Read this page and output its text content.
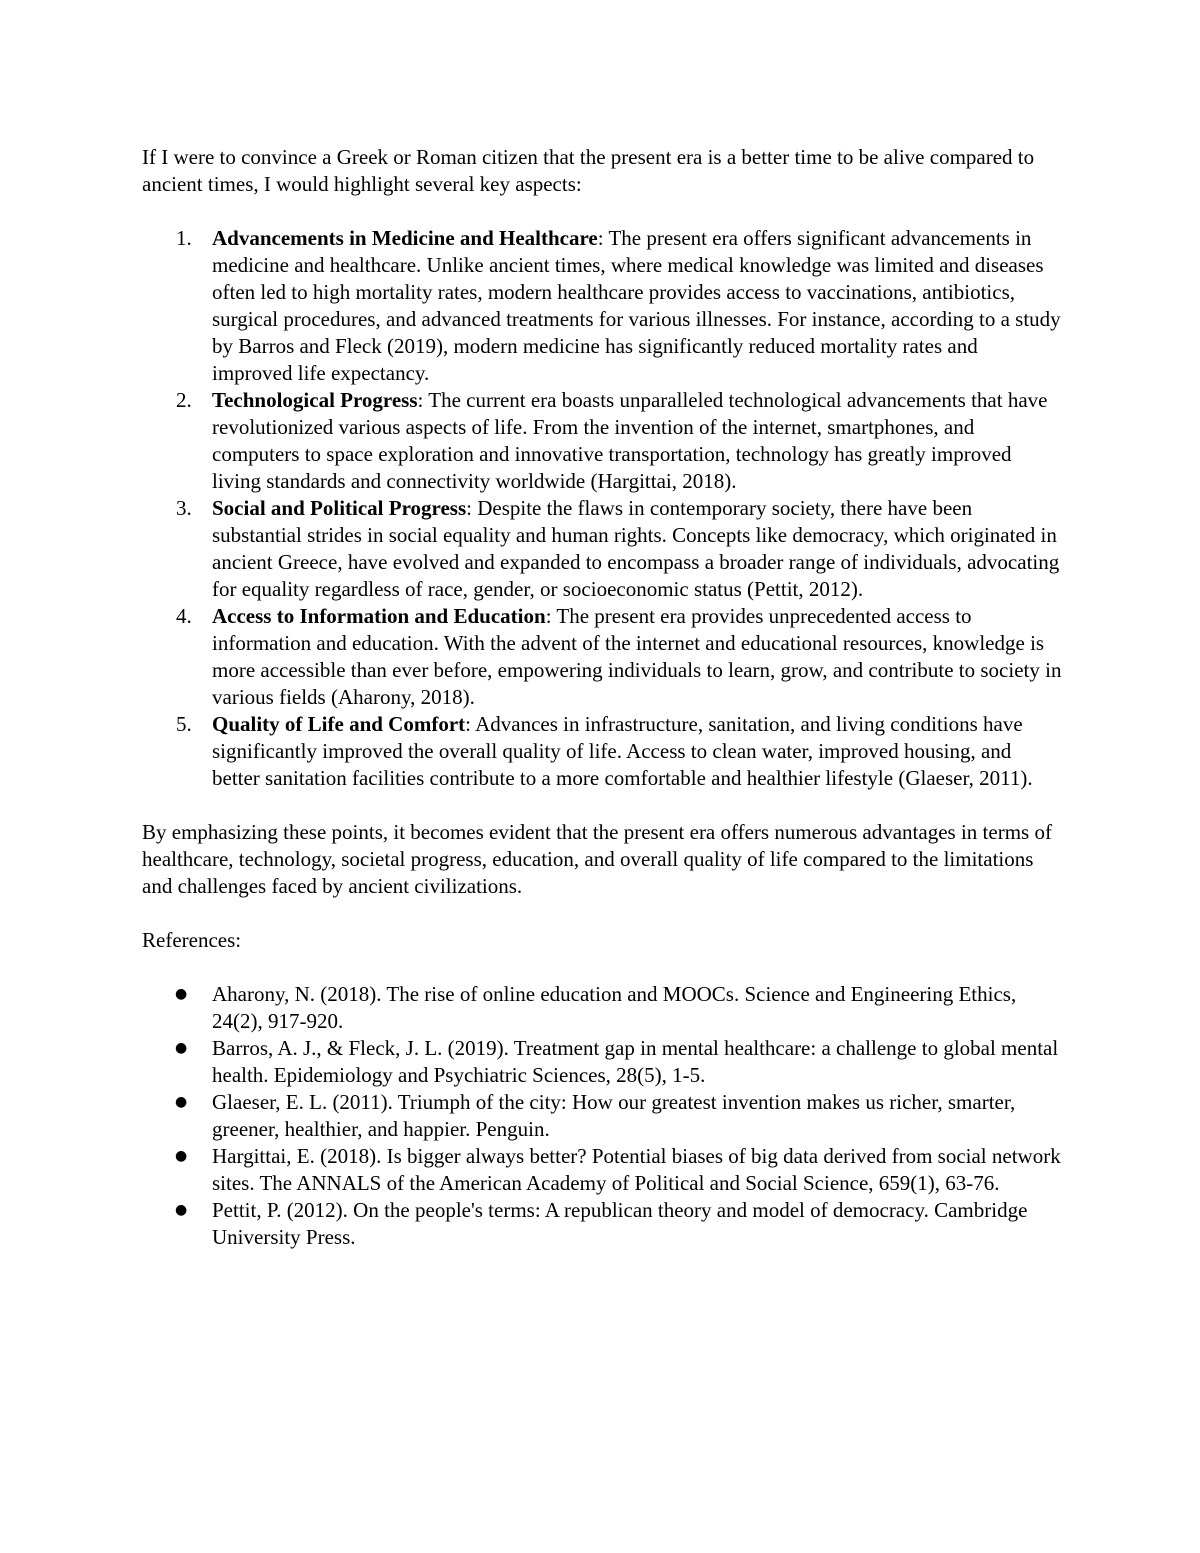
If I were to convince a Greek or Roman citizen that the present era is a better time to be alive compared to ancient times, I would highlight several key aspects:

1. Advancements in Medicine and Healthcare: The present era offers significant advancements in medicine and healthcare. Unlike ancient times, where medical knowledge was limited and diseases often led to high mortality rates, modern healthcare provides access to vaccinations, antibiotics, surgical procedures, and advanced treatments for various illnesses. For instance, according to a study by Barros and Fleck (2019), modern medicine has significantly reduced mortality rates and improved life expectancy.
2. Technological Progress: The current era boasts unparalleled technological advancements that have revolutionized various aspects of life. From the invention of the internet, smartphones, and computers to space exploration and innovative transportation, technology has greatly improved living standards and connectivity worldwide (Hargittai, 2018).
3. Social and Political Progress: Despite the flaws in contemporary society, there have been substantial strides in social equality and human rights. Concepts like democracy, which originated in ancient Greece, have evolved and expanded to encompass a broader range of individuals, advocating for equality regardless of race, gender, or socioeconomic status (Pettit, 2012).
4. Access to Information and Education: The present era provides unprecedented access to information and education. With the advent of the internet and educational resources, knowledge is more accessible than ever before, empowering individuals to learn, grow, and contribute to society in various fields (Aharony, 2018).
5. Quality of Life and Comfort: Advances in infrastructure, sanitation, and living conditions have significantly improved the overall quality of life. Access to clean water, improved housing, and better sanitation facilities contribute to a more comfortable and healthier lifestyle (Glaeser, 2011).

By emphasizing these points, it becomes evident that the present era offers numerous advantages in terms of healthcare, technology, societal progress, education, and overall quality of life compared to the limitations and challenges faced by ancient civilizations.

References:

● Aharony, N. (2018). The rise of online education and MOOCs. Science and Engineering Ethics, 24(2), 917-920.
● Barros, A. J., & Fleck, J. L. (2019). Treatment gap in mental healthcare: a challenge to global mental health. Epidemiology and Psychiatric Sciences, 28(5), 1-5.
● Glaeser, E. L. (2011). Triumph of the city: How our greatest invention makes us richer, smarter, greener, healthier, and happier. Penguin.
● Hargittai, E. (2018). Is bigger always better? Potential biases of big data derived from social network sites. The ANNALS of the American Academy of Political and Social Science, 659(1), 63-76.
● Pettit, P. (2012). On the people's terms: A republican theory and model of democracy. Cambridge University Press.
